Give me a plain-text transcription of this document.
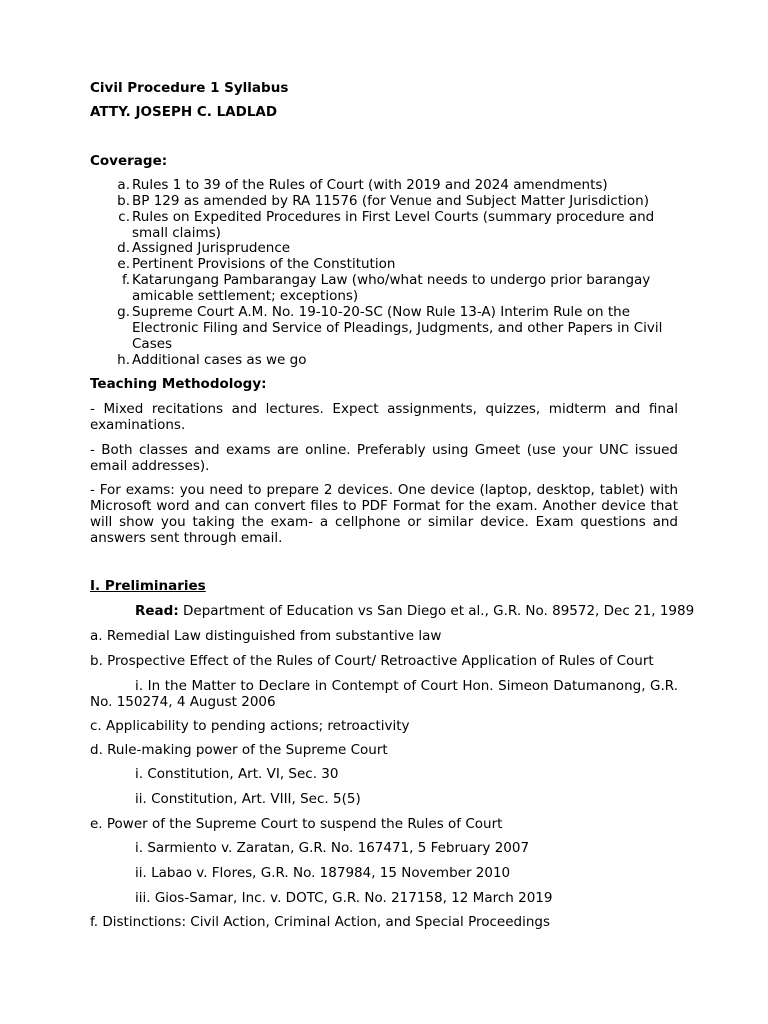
Civil Procedure 1 Syllabus
ATTY. JOSEPH C. LADLAD
Coverage:
a. Rules 1 to 39 of the Rules of Court (with 2019 and 2024 amendments)
b. BP 129 as amended by RA 11576 (for Venue and Subject Matter Jurisdiction)
c. Rules on Expedited Procedures in First Level Courts (summary procedure and small claims)
d. Assigned Jurisprudence
e. Pertinent Provisions of the Constitution
f. Katarungang Pambarangay Law (who/what needs to undergo prior barangay amicable settlement; exceptions)
g. Supreme Court A.M. No. 19-10-20-SC (Now Rule 13-A) Interim Rule on the Electronic Filing and Service of Pleadings, Judgments, and other Papers in Civil Cases
h. Additional cases as we go
Teaching Methodology:
- Mixed recitations and lectures. Expect assignments, quizzes, midterm and final examinations.
- Both classes and exams are online. Preferably using Gmeet (use your UNC issued email addresses).
- For exams: you need to prepare 2 devices. One device (laptop, desktop, tablet) with Microsoft word and can convert files to PDF Format for the exam. Another device that will show you taking the exam- a cellphone or similar device. Exam questions and answers sent through email.
I. Preliminaries
Read: Department of Education vs San Diego et al., G.R. No. 89572, Dec 21, 1989
a. Remedial Law distinguished from substantive law
b. Prospective Effect of the Rules of Court/ Retroactive Application of Rules of Court
i. In the Matter to Declare in Contempt of Court Hon. Simeon Datumanong, G.R. No. 150274, 4 August 2006
c. Applicability to pending actions; retroactivity
d. Rule-making power of the Supreme Court
i. Constitution, Art. VI, Sec. 30
ii. Constitution, Art. VIII, Sec. 5(5)
e. Power of the Supreme Court to suspend the Rules of Court
i. Sarmiento v. Zaratan, G.R. No. 167471, 5 February 2007
ii. Labao v. Flores, G.R. No. 187984, 15 November 2010
iii. Gios-Samar, Inc. v. DOTC, G.R. No. 217158, 12 March 2019
f. Distinctions: Civil Action, Criminal Action, and Special Proceedings
